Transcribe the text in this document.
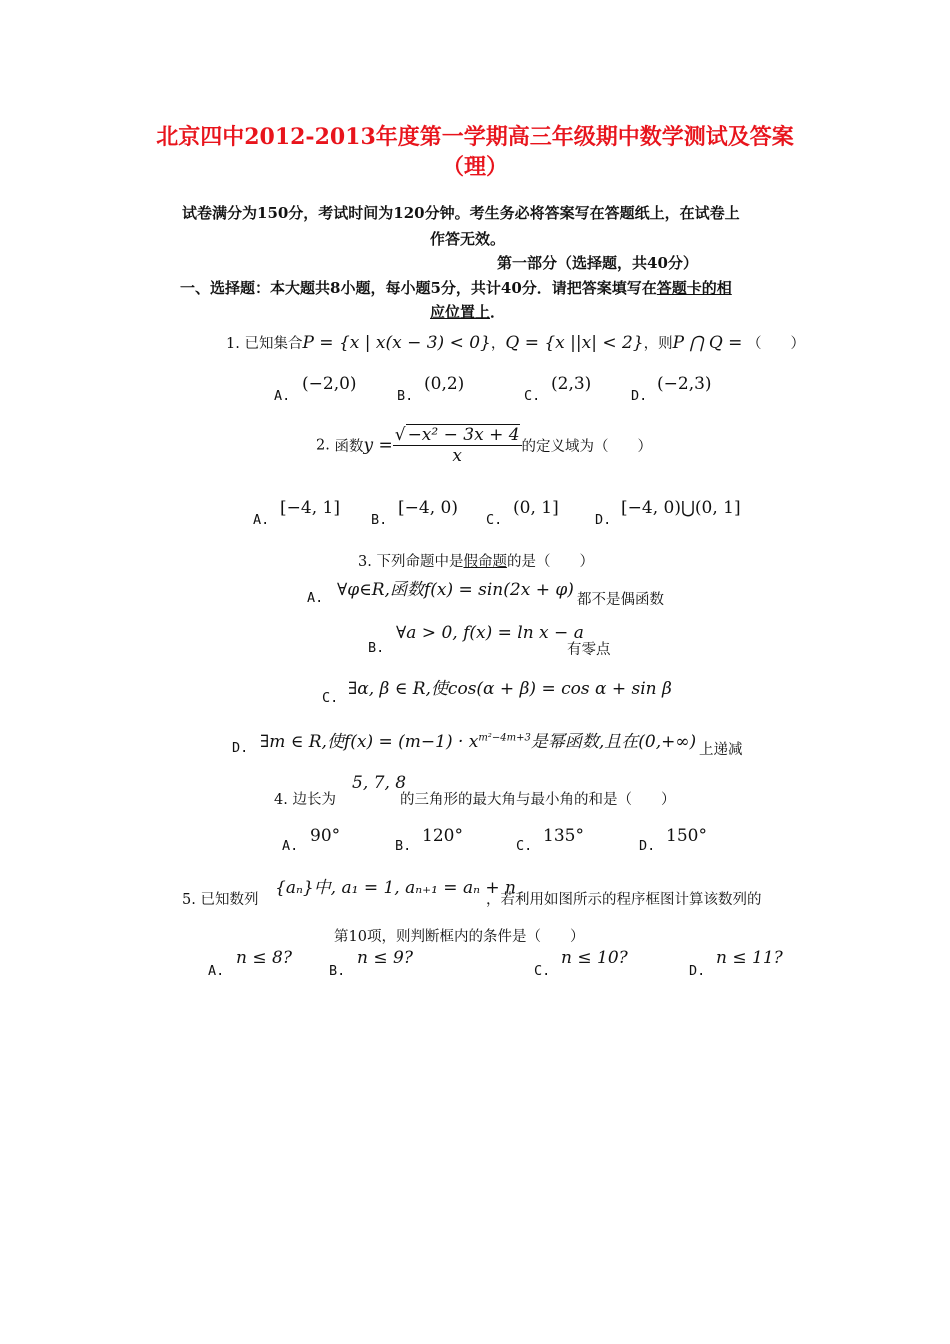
北京四中2012-2013年度第一学期高三年级期中数学测试及答案
（理）
试卷满分为150分，考试时间为120分钟。考生务必将答案写在答题纸上，在试卷上
作答无效。
第一部分（选择题，共40分）
一、选择题：本大题共8小题，每小题5分，共计40分．请把答案填写在答题卡的相
应位置上．
1. 已知集合P = {x | x(x − 3) < 0}，Q = {x ||x| < 2}，则P ⋂ Q = （　　）
A.
(−2,0)
B.
(0,2)
C.
(2,3)
D.
(−2,3)
2. 函数$y = \frac{\text{√ −x² − 3x + 4}}{x}$ 的定义域为（　　）
A.
[−4, 1]
B.
[−4, 0)
C.
(0, 1]
D.
[−4, 0)⋃(0, 1]
3. 下列命题中是假命题的是（　　）
A. ∀φ∈R,函数f(x) = sin(2x + φ) 都不是偶函数
B.
∀a > 0, f(x) = ln x − a
有零点
C. ∃α, β ∈ R,使cos(α + β) = cos α + sin β
D. ∃m ∈ R,使$f(x) = (m-1) \cdot x^{m^2-4m+3}$是幂函数,且在(0,+∞) 上递减
4. 边长为
5, 7, 8
的三角形的最大角与最小角的和是（　　）
A. 90°	B. 120°	C. 135°	D. 150°
5. 已知数列
{aₙ}中, a₁ = 1, aₙ₊₁ = aₙ + n
，若利用如图所示的程序框图计算该数列的
第10项，则判断框内的条件是（　　）
A.
n ≤ 8?
B.
n ≤ 9?
C.
n ≤ 10?
D.
n ≤ 11?
